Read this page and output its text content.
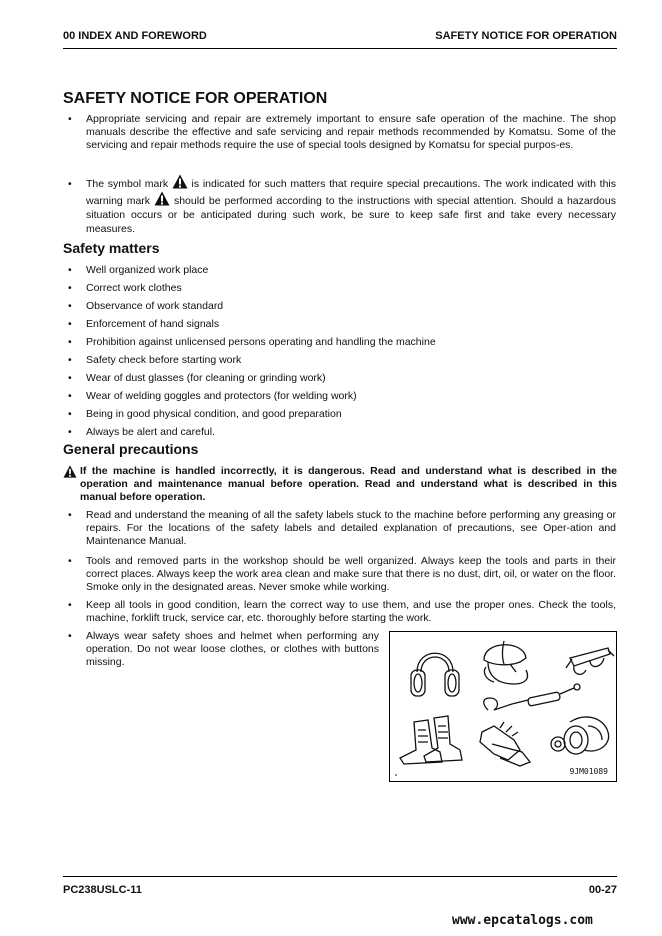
00 INDEX AND FOREWORD	SAFETY NOTICE FOR OPERATION
SAFETY NOTICE FOR OPERATION
• Appropriate servicing and repair are extremely important to ensure safe operation of the machine. The shop manuals describe the effective and safe servicing and repair methods recommended by Komatsu. Some of the servicing and repair methods require the use of special tools designed by Komatsu for special purpos-es.
• The symbol mark is indicated for such matters that require special precautions. The work indicated with this warning mark should be performed according to the instructions with special attention. Should a hazardous situation occurs or be anticipated during such work, be sure to keep safe first and take every necessary measures.
Safety matters
• Well organized work place
• Correct work clothes
• Observance of work standard
• Enforcement of hand signals
• Prohibition against unlicensed persons operating and handling the machine
• Safety check before starting work
• Wear of dust glasses (for cleaning or grinding work)
• Wear of welding goggles and protectors (for welding work)
• Being in good physical condition, and good preparation
• Always be alert and careful.
General precautions
If the machine is handled incorrectly, it is dangerous. Read and understand what is described in the operation and maintenance manual before operation. Read and understand what is described in this manual before operation.
• Read and understand the meaning of all the safety labels stuck to the machine before performing any greasing or repairs. For the locations of the safety labels and detailed explanation of precautions, see Oper-ation and Maintenance Manual.
• Tools and removed parts in the workshop should be well organized. Always keep the tools and parts in their correct places. Always keep the work area clean and make sure that there is no dust, dirt, oil, or water on the floor. Smoke only in the designated areas. Never smoke while working.
• Keep all tools in good condition, learn the correct way to use them, and use the proper ones. Check the tools, machine, forklift truck, service car, etc. thoroughly before starting the work.
• Always wear safety shoes and helmet when performing any operation. Do not wear loose clothes, or clothes with buttons missing.
9JM01089
PC238USLC-11	00-27
www.epcatalogs.com
